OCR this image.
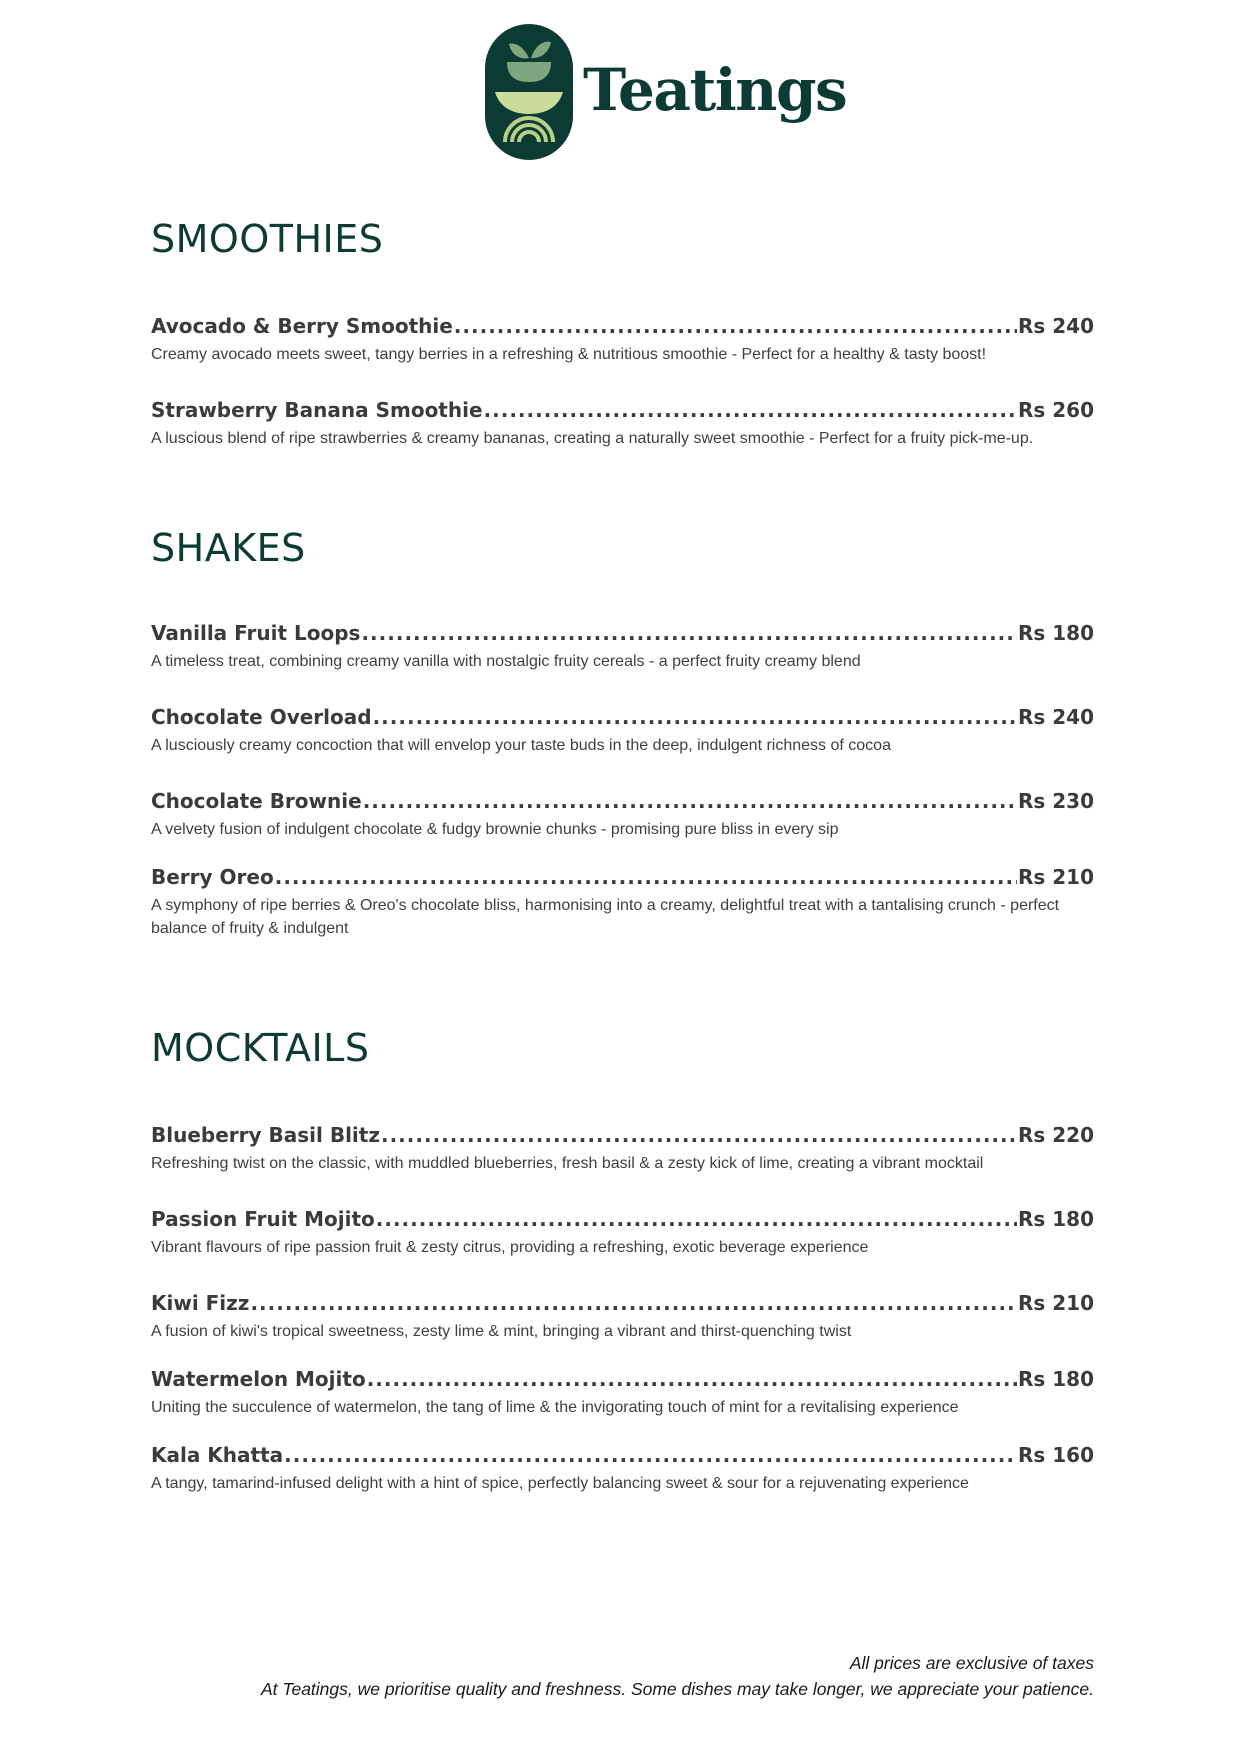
Teatings
SMOOTHIES
Avocado & Berry Smoothie .....	Rs 240
Creamy avocado meets sweet, tangy berries in a refreshing & nutritious smoothie - Perfect for a healthy & tasty boost!
Strawberry Banana Smoothie .....	Rs 260
A luscious blend of ripe strawberries & creamy bananas, creating a naturally sweet smoothie - Perfect for a fruity pick-me-up.
SHAKES
Vanilla Fruit Loops .....	Rs 180
A timeless treat, combining creamy vanilla with nostalgic fruity cereals - a perfect fruity creamy blend
Chocolate Overload .....	Rs 240
A lusciously creamy concoction that will envelop your taste buds in the deep, indulgent richness of cocoa
Chocolate Brownie .....	Rs 230
A velvety fusion of indulgent chocolate & fudgy brownie chunks - promising pure bliss in every sip
Berry Oreo .....	Rs 210
A symphony of ripe berries & Oreo's chocolate bliss, harmonising into a creamy, delightful treat with a tantalising crunch - perfect balance of fruity & indulgent
MOCKTAILS
Blueberry Basil Blitz .....	Rs 220
Refreshing twist on the classic, with muddled blueberries, fresh basil & a zesty kick of lime, creating a vibrant mocktail
Passion Fruit Mojito .....	Rs 180
Vibrant flavours of ripe passion fruit & zesty citrus, providing a refreshing, exotic beverage experience
Kiwi Fizz .....	Rs 210
A fusion of kiwi's tropical sweetness, zesty lime & mint, bringing a vibrant and thirst-quenching twist
Watermelon Mojito .....	Rs 180
Uniting the succulence of watermelon, the tang of lime & the invigorating touch of mint for a revitalising experience
Kala Khatta .....	Rs 160
A tangy, tamarind-infused delight with a hint of spice, perfectly balancing sweet & sour for a rejuvenating experience
All prices are exclusive of taxes
At Teatings, we prioritise quality and freshness. Some dishes may take longer, we appreciate your patience.
